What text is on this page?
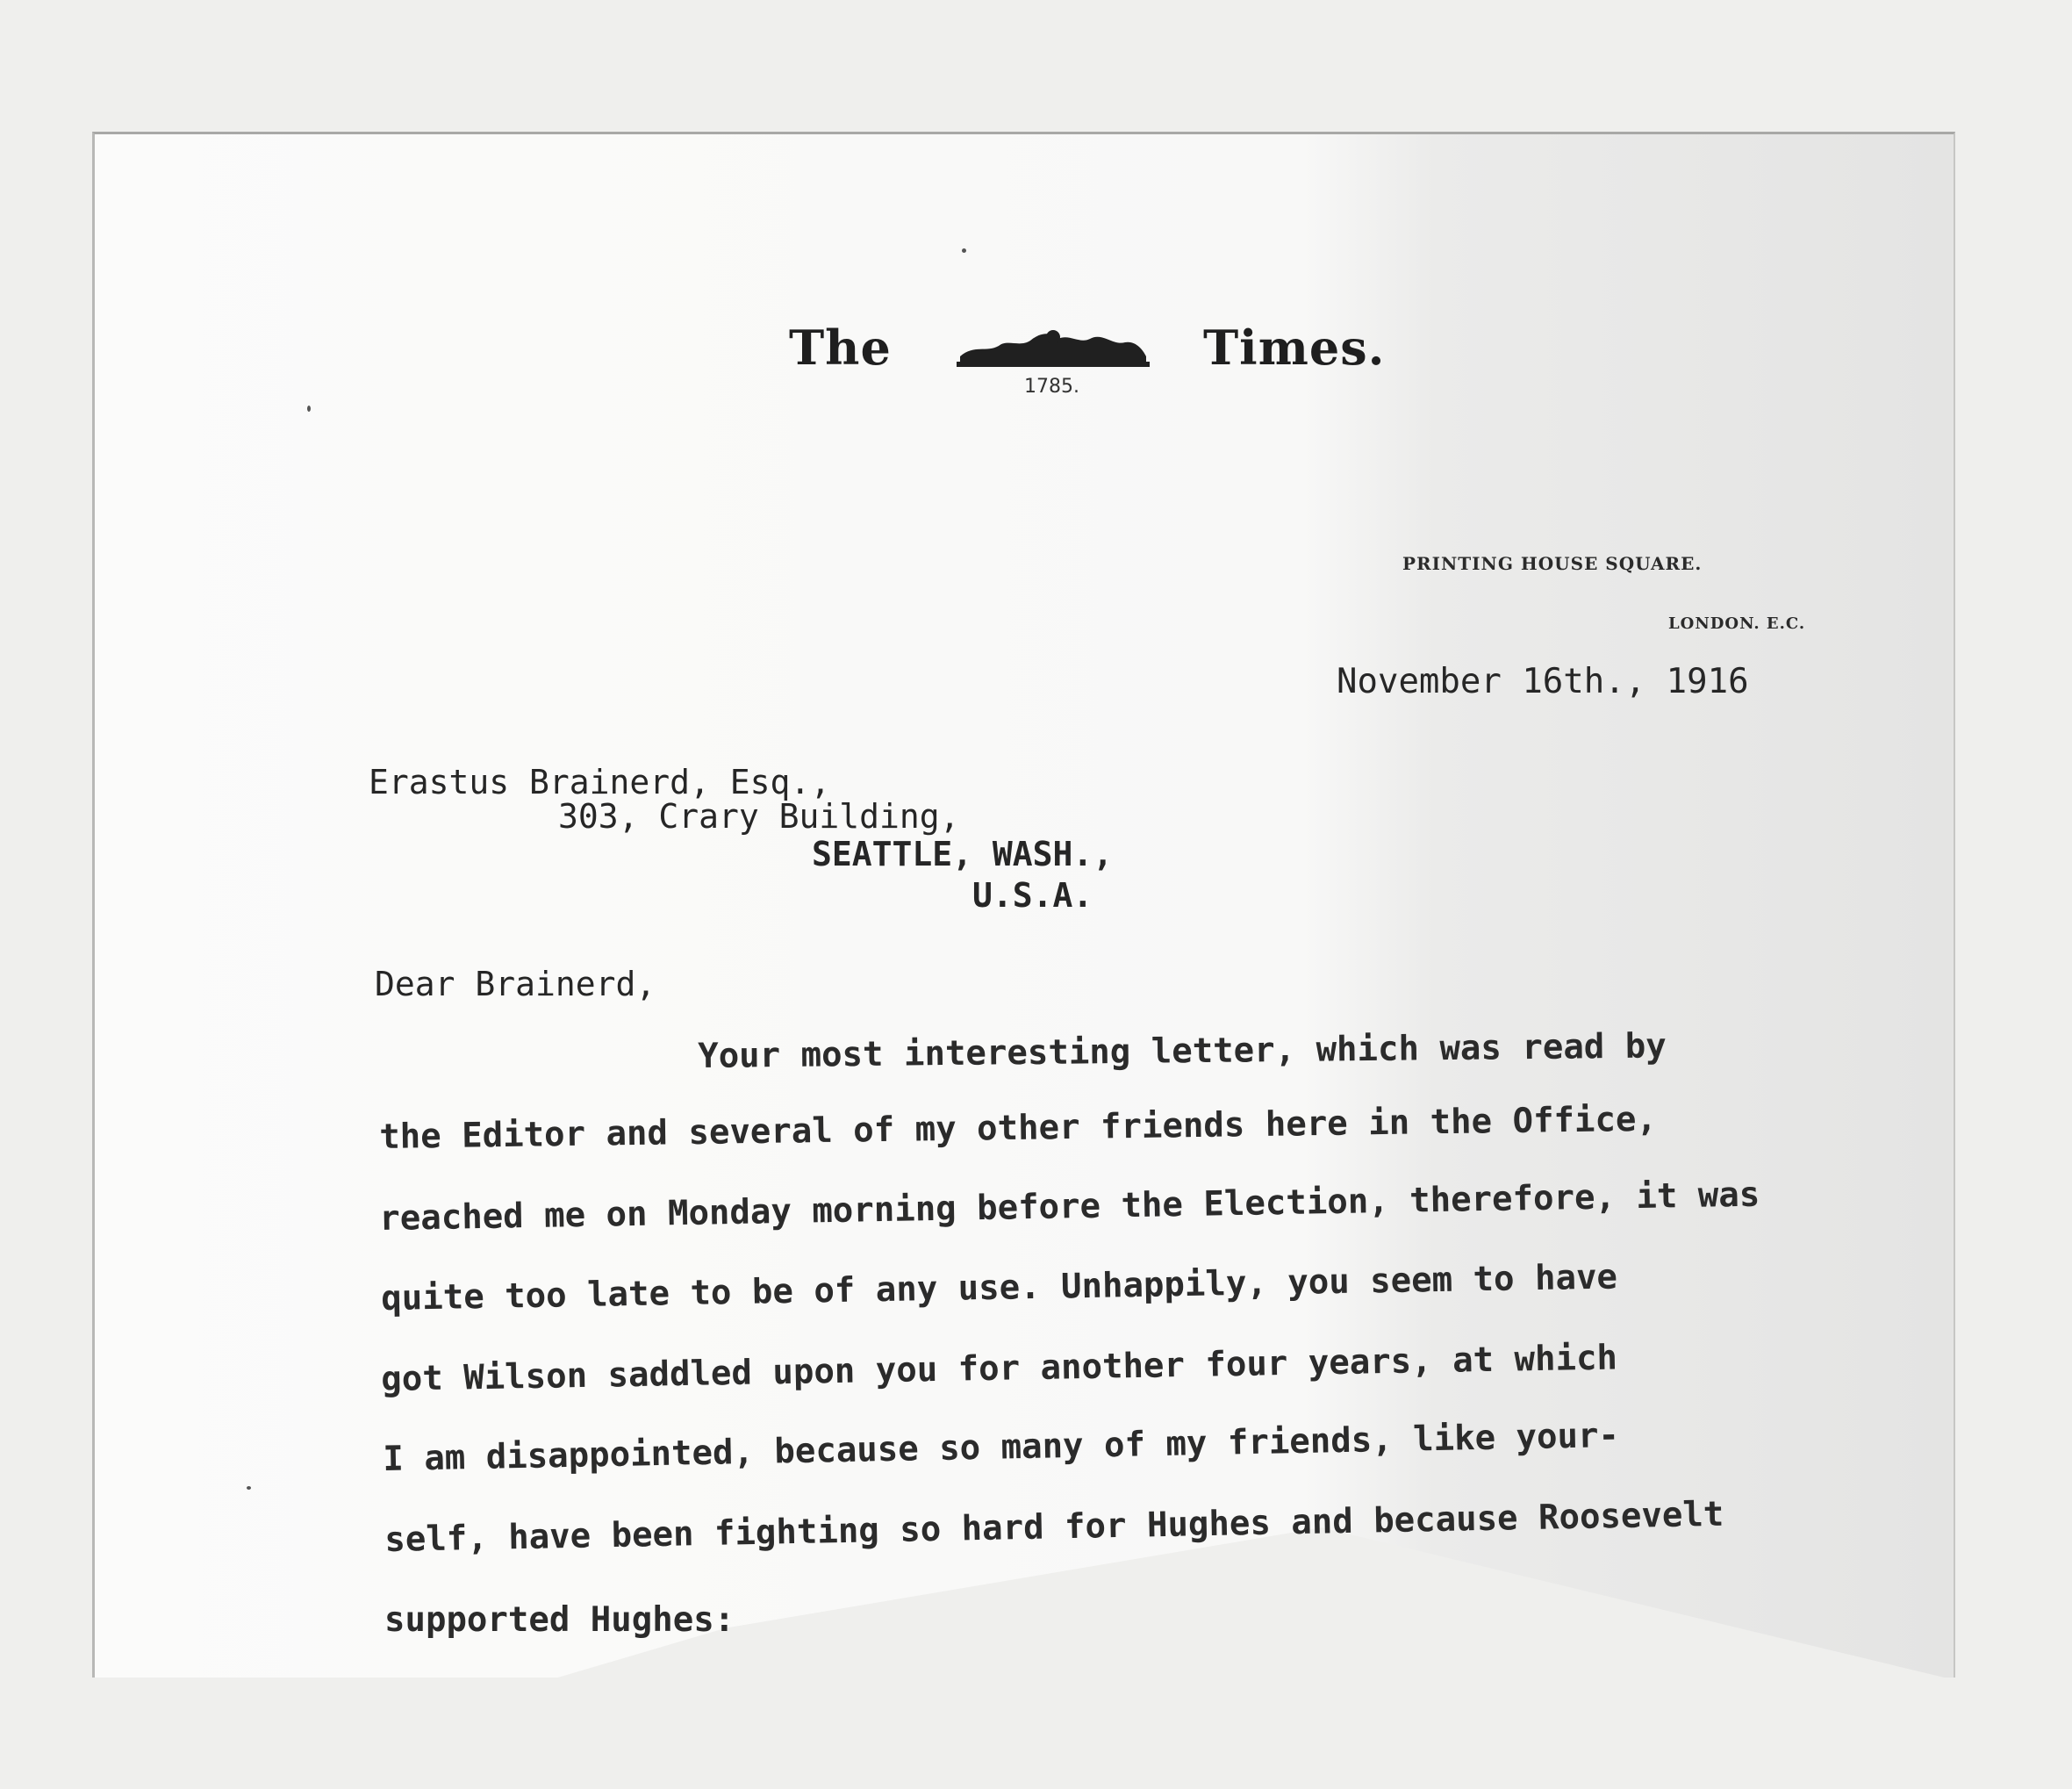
The
1785.
Times.
PRINTING HOUSE SQUARE.
LONDON. E.C.
November 16th., 1916
Erastus Brainerd, Esq.,
303, Crary Building,
SEATTLE, WASH.,
U.S.A.
Dear Brainerd,
Your most interesting letter, which was read by
the Editor and several of my other friends here in the Office,
reached me on Monday morning before the Election, therefore, it was
quite too late to be of any use. Unhappily, you seem to have
got Wilson saddled upon you for another four years, at which
I am disappointed, because so many of my friends, like your-
self, have been fighting so hard for Hughes and because Roosevelt
supported Hughes:
